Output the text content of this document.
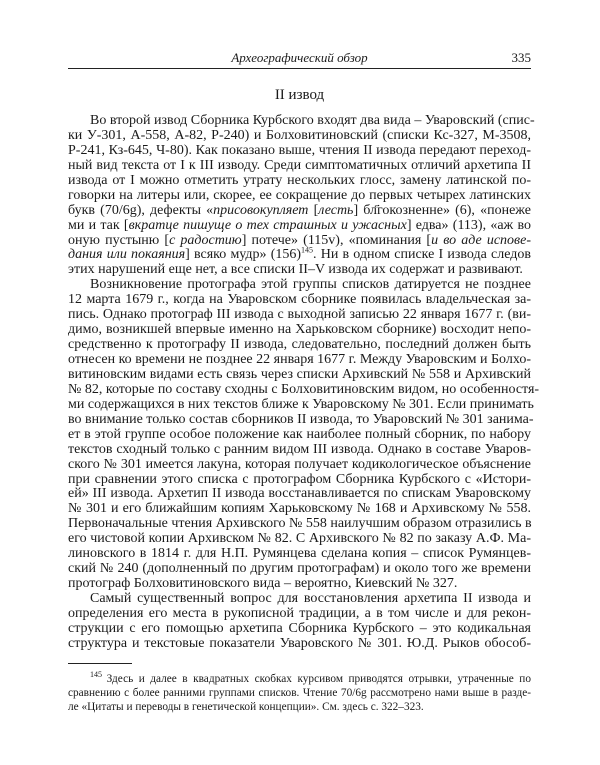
Археографический обзор	335
II извод
Во второй извод Сборника Курбского входят два вида – Уваровский (спис-
ки У-301, А-558, А-82, Р-240) и Болховитиновский (списки Кс-327, М-3508,
Р-241, Кз-645, Ч-80). Как показано выше, чтения II извода передают переход-
ный вид текста от I к III изводу. Среди симптоматичных отличий архетипа II
извода от I можно отметить утрату нескольких глосс, замену латинской по-
говорки на литеры или, скорее, ее сокращение до первых четырех латинских
букв (70/6g), дефекты «присовокупляет [лесть] бл҃гокозненне» (6), «понеже
ми и так [вкратце пишуще о тех страшных и ужасных] едва» (113), «аж во
оную пустыню [с радостию] потече» (115v), «поминания [и во аде испове-
дания или покаяния] всяко мудр» $(156)^{145}$. Ни в одном списке I извода следов
этих нарушений еще нет, а все списки II–V извода их содержат и развивают.
Возникновение протографа этой группы списков датируется не позднее
12 марта 1679 г., когда на Уваровском сборнике появилась владельческая за-
пись. Однако протограф III извода с выходной записью 22 января 1677 г. (ви-
димо, возникшей впервые именно на Харьковском сборнике) восходит непо-
средственно к протографу II извода, следовательно, последний должен быть
отнесен ко времени не позднее 22 января 1677 г. Между Уваровским и Болхо-
витиновским видами есть связь через списки Архивский № 558 и Архивский
№ 82, которые по составу сходны с Болховитиновским видом, но особенностя-
ми содержащихся в них текстов ближе к Уваровскому № 301. Если принимать
во внимание только состав сборников II извода, то Уваровский № 301 занима-
ет в этой группе особое положение как наиболее полный сборник, по набору
текстов сходный только с ранним видом III извода. Однако в составе Уваров-
ского № 301 имеется лакуна, которая получает кодикологическое объяснение
при сравнении этого списка с протографом Сборника Курбского с «Истори-
ей» III извода. Архетип II извода восстанавливается по спискам Уваровскому
№ 301 и его ближайшим копиям Харьковскому № 168 и Архивскому № 558.
Первоначальные чтения Архивского № 558 наилучшим образом отразились в
его чистовой копии Архивском № 82. С Архивского № 82 по заказу А.Ф. Ма-
линовского в 1814 г. для Н.П. Румянцева сделана копия – список Румянцев-
ский № 240 (дополненный по другим протографам) и около того же времени
протограф Болховитиновского вида – вероятно, Киевский № 327.
Самый существенный вопрос для восстановления архетипа II извода и
определения его места в рукописной традиции, а в том числе и для рекон-
струкции с его помощью архетипа Сборника Курбского – это кодикальная
структура и текстовые показатели Уваровского № 301. Ю.Д. Рыков обособ-
$^{145}$ Здесь и далее в квадратных скобках курсивом приводятся отрывки, утраченные по
сравнению с более ранними группами списков. Чтение 70/6g рассмотрено нами выше в разде-
ле «Цитаты и переводы в генетической концепции». См. здесь с. 322–323.
